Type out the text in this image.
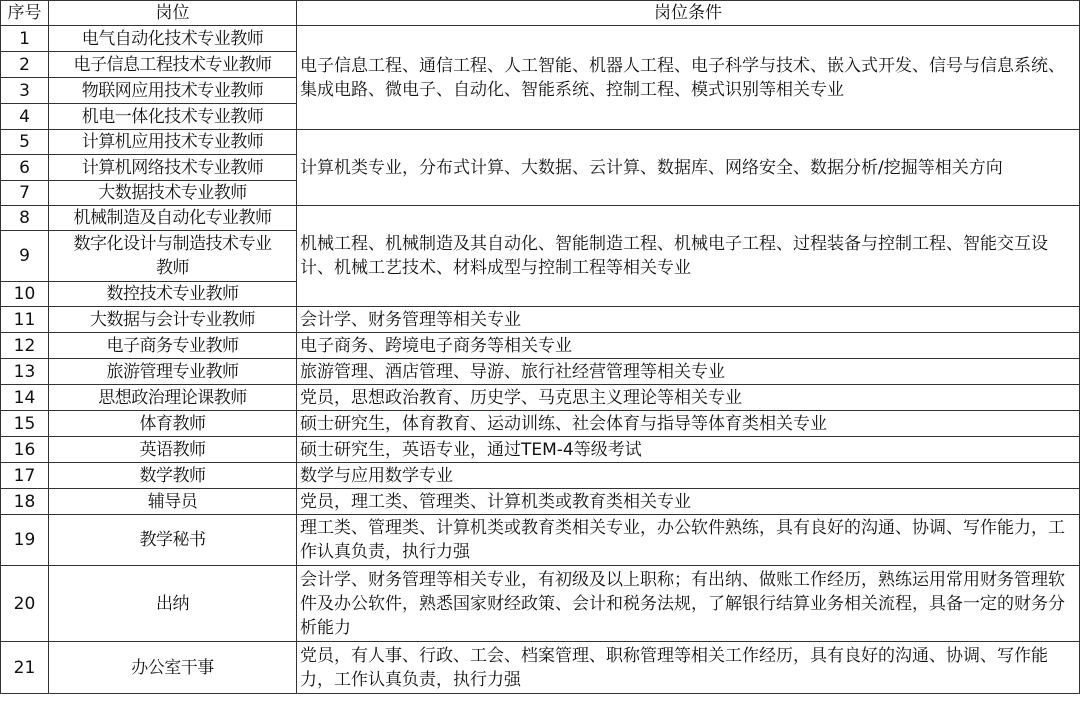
序号	岗位	岗位条件
1	电气自动化技术专业教师	电子信息工程、通信工程、人工智能、机器人工程、电子科学与技术、嵌入式开发、信号与信息系统、集成电路、微电子、自动化、智能系统、控制工程、模式识别等相关专业
2	电子信息工程技术专业教师	
3	物联网应用技术专业教师	
4	机电一体化技术专业教师	
5	计算机应用技术专业教师	计算机类专业，分布式计算、大数据、云计算、数据库、网络安全、数据分析/挖掘等相关方向
6	计算机网络技术专业教师	
7	大数据技术专业教师	
8	机械制造及自动化专业教师	机械工程、机械制造及其自动化、智能制造工程、机械电子工程、过程装备与控制工程、智能交互设计、机械工艺技术、材料成型与控制工程等相关专业
9	数字化设计与制造技术专业教师	
10	数控技术专业教师	
11	大数据与会计专业教师	会计学、财务管理等相关专业
12	电子商务专业教师	电子商务、跨境电子商务等相关专业
13	旅游管理专业教师	旅游管理、酒店管理、导游、旅行社经营管理等相关专业
14	思想政治理论课教师	党员，思想政治教育、历史学、马克思主义理论等相关专业
15	体育教师	硕士研究生，体育教育、运动训练、社会体育与指导等体育类相关专业
16	英语教师	硕士研究生，英语专业，通过TEM-4等级考试
17	数学教师	数学与应用数学专业
18	辅导员	党员，理工类、管理类、计算机类或教育类相关专业
19	教学秘书	理工类、管理类、计算机类或教育类相关专业，办公软件熟练，具有良好的沟通、协调、写作能力，工作认真负责，执行力强
20	出纳	会计学、财务管理等相关专业，有初级及以上职称；有出纳、做账工作经历，熟练运用常用财务管理软件及办公软件，熟悉国家财经政策、会计和税务法规，了解银行结算业务相关流程，具备一定的财务分析能力
21	办公室干事	党员，有人事、行政、工会、档案管理、职称管理等相关工作经历，具有良好的沟通、协调、写作能力，工作认真负责，执行力强
